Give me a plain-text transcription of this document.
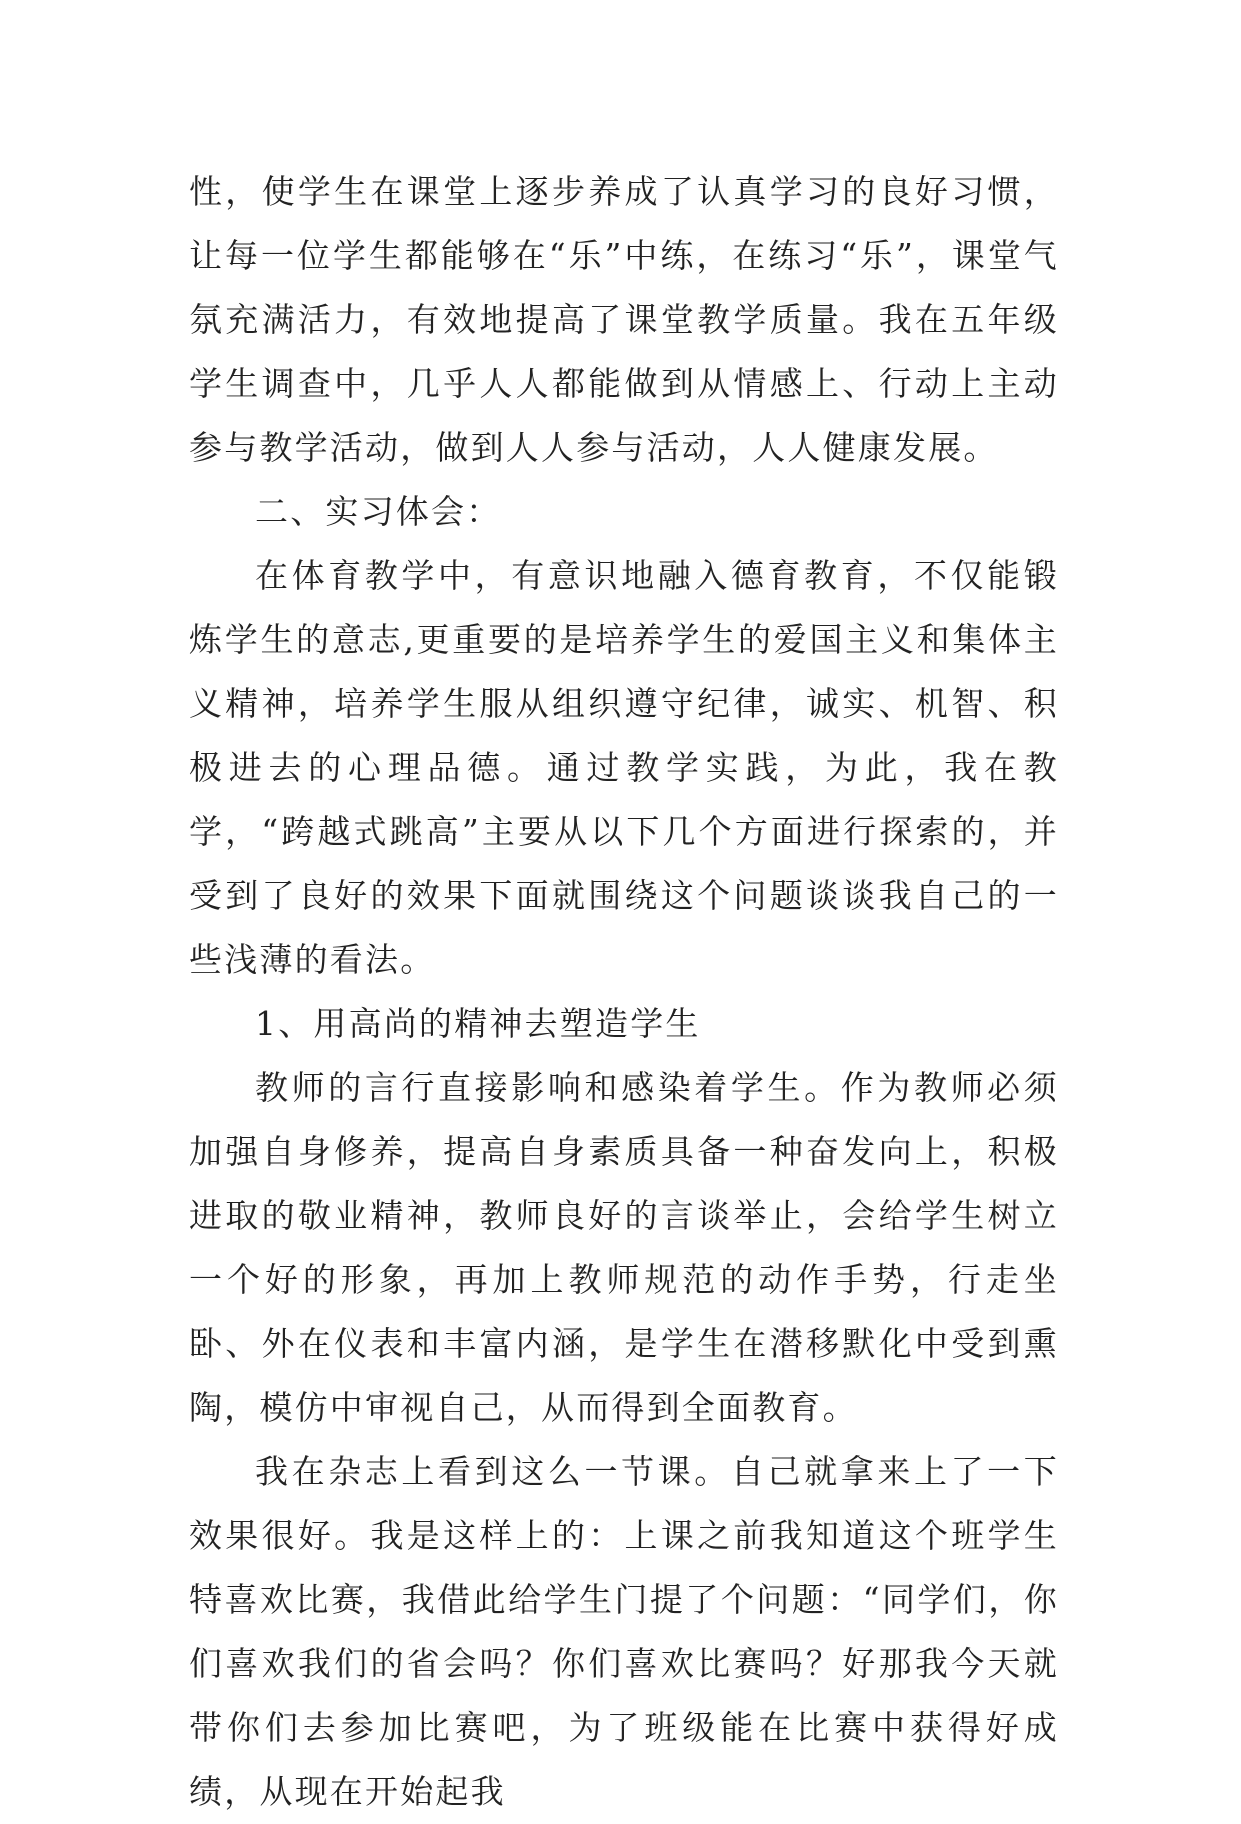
性，使学生在课堂上逐步养成了认真学习的良好习惯，让每一位学生都能够在“乐”中练，在练习“乐”，课堂气氛充满活力，有效地提高了课堂教学质量。我在五年级学生调查中，几乎人人都能做到从情感上、行动上主动参与教学活动，做到人人参与活动，人人健康发展。

二、实习体会：

在体育教学中，有意识地融入德育教育，不仅能锻炼学生的意志,更重要的是培养学生的爱国主义和集体主义精神，培养学生服从组织遵守纪律，诚实、机智、积极进去的心理品德。通过教学实践，为此，我在教学，“跨越式跳高”主要从以下几个方面进行探索的，并受到了良好的效果下面就围绕这个问题谈谈我自己的一些浅薄的看法。

1、用高尚的精神去塑造学生

教师的言行直接影响和感染着学生。作为教师必须加强自身修养，提高自身素质具备一种奋发向上，积极进取的敬业精神，教师良好的言谈举止，会给学生树立一个好的形象，再加上教师规范的动作手势，行走坐卧、外在仪表和丰富内涵，是学生在潜移默化中受到熏陶，模仿中审视自己，从而得到全面教育。

我在杂志上看到这么一节课。自己就拿来上了一下效果很好。我是这样上的：上课之前我知道这个班学生特喜欢比赛，我借此给学生门提了个问题：“同学们，你们喜欢我们的省会吗？你们喜欢比赛吗？好那我今天就带你们去参加比赛吧，为了班级能在比赛中获得好成绩，从现在开始起我
